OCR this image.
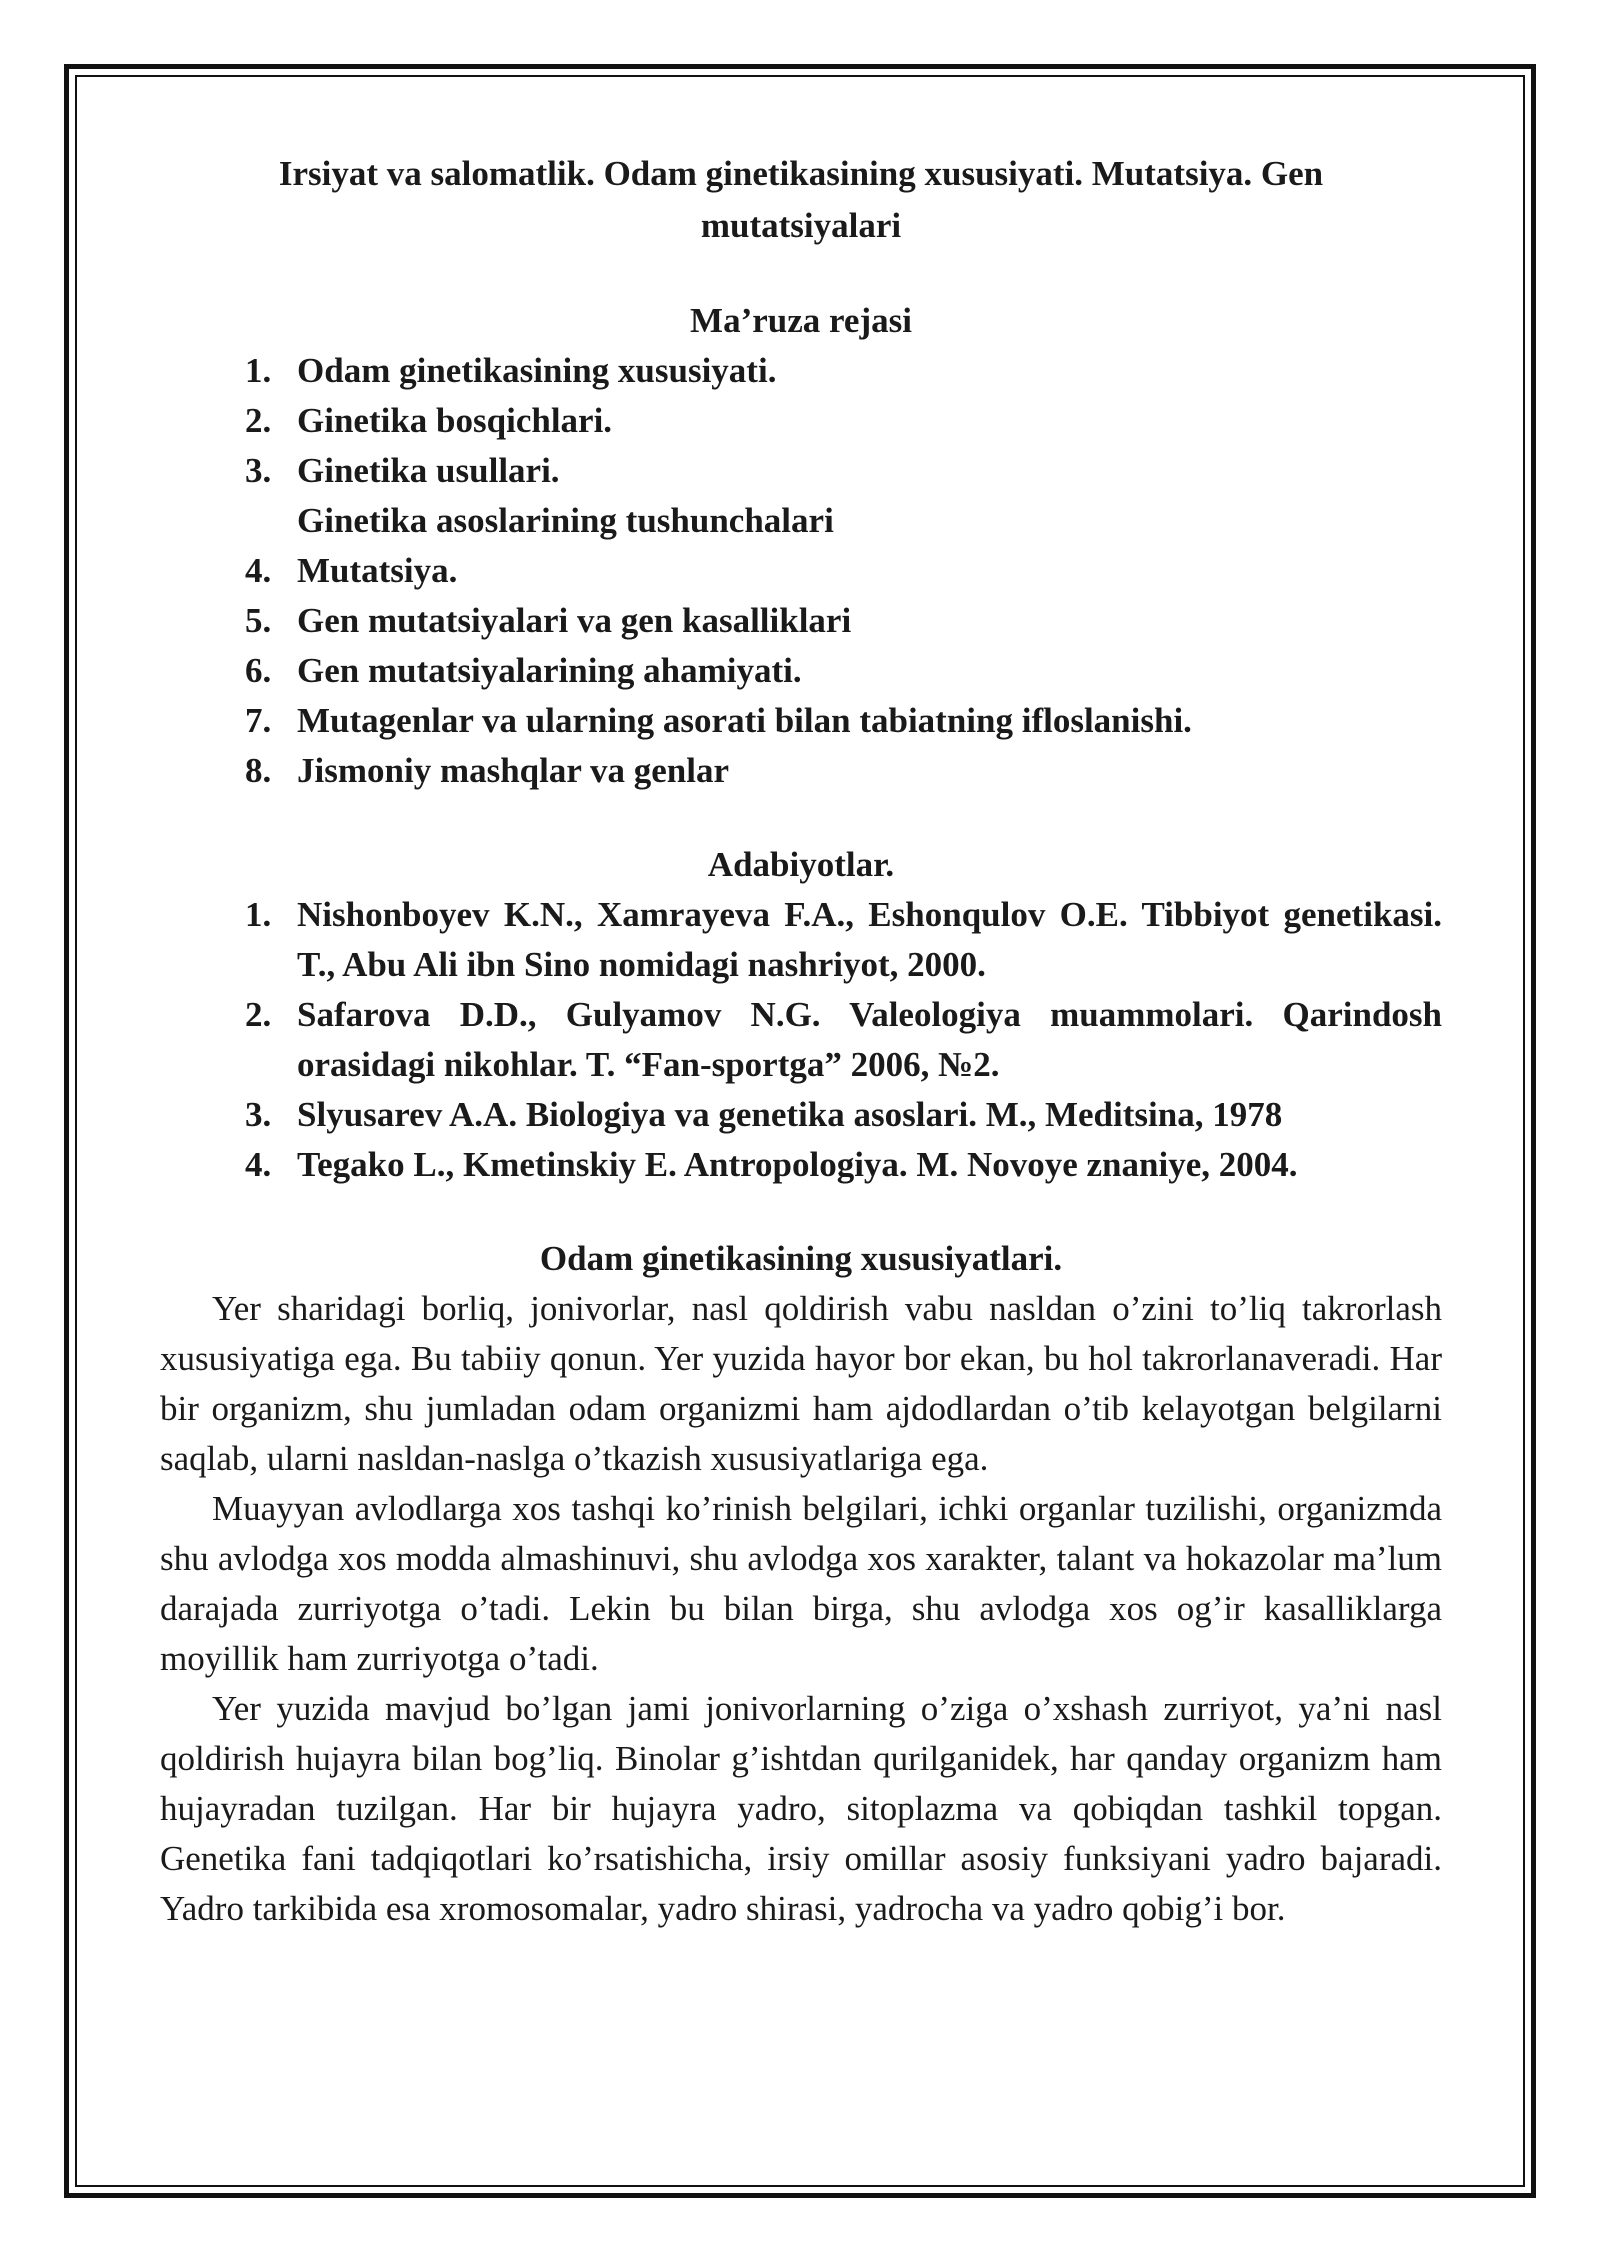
Irsiyat va salomatlik. Odam ginetikasining xususiyati. Mutatsiya. Gen mutatsiyalari
Ma’ruza rejasi
1. Odam ginetikasining xususiyati.
2. Ginetika bosqichlari.
3. Ginetika usullari.
Ginetika asoslarining tushunchalari
4. Mutatsiya.
5. Gen mutatsiyalari va gen kasalliklari
6. Gen mutatsiyalarining ahamiyati.
7. Mutagenlar va ularning asorati bilan tabiatning ifloslanishi.
8. Jismoniy mashqlar va genlar
Adabiyotlar.
1. Nishonboyev K.N., Xamrayeva F.A., Eshonqulov O.E. Tibbiyot genetikasi. T., Abu Ali ibn Sino nomidagi nashriyot, 2000.
2. Safarova D.D., Gulyamov N.G. Valeologiya muammolari. Qarindosh orasidagi nikohlar. T. “Fan-sportga” 2006, №2.
3. Slyusarev A.A. Biologiya va genetika asoslari. M., Meditsina, 1978
4. Tegako L., Kmetinskiy E. Antropologiya. M. Novoye znaniye, 2004.
Odam ginetikasining xususiyatlari.

Yer sharidagi borliq, jonivorlar, nasl qoldirish vabu nasldan o’zini to’liq takrorlash xususiyatiga ega. Bu tabiiy qonun. Yer yuzida hayor bor ekan, bu hol takrorlanaveradi. Har bir organizm, shu jumladan odam organizmi ham ajdodlardan o’tib kelayotgan belgilarni saqlab, ularni nasldan-naslga o’tkazish xususiyatlariga ega.

Muayyan avlodlarga xos tashqi ko’rinish belgilari, ichki organlar tuzilishi, organizmda shu avlodga xos modda almashinuvi, shu avlodga xos xarakter, talant va hokazolar ma’lum darajada zurriyotga o’tadi. Lekin bu bilan birga, shu avlodga xos og’ir kasalliklarga moyillik ham zurriyotga o’tadi.

Yer yuzida mavjud bo’lgan jami jonivorlarning o’ziga o’xshash zurriyot, ya’ni nasl qoldirish hujayra bilan bog’liq. Binolar g’ishtdan qurilganidek, har qanday organizm ham hujayradan tuzilgan. Har bir hujayra yadro, sitoplazma va qobiqdan tashkil topgan. Genetika fani tadqiqotlari ko’rsatishicha, irsiy omillar asosiy funksiyani yadro bajaradi. Yadro tarkibida esa xromosomalar, yadro shirasi, yadrocha va yadro qobig’i bor.
